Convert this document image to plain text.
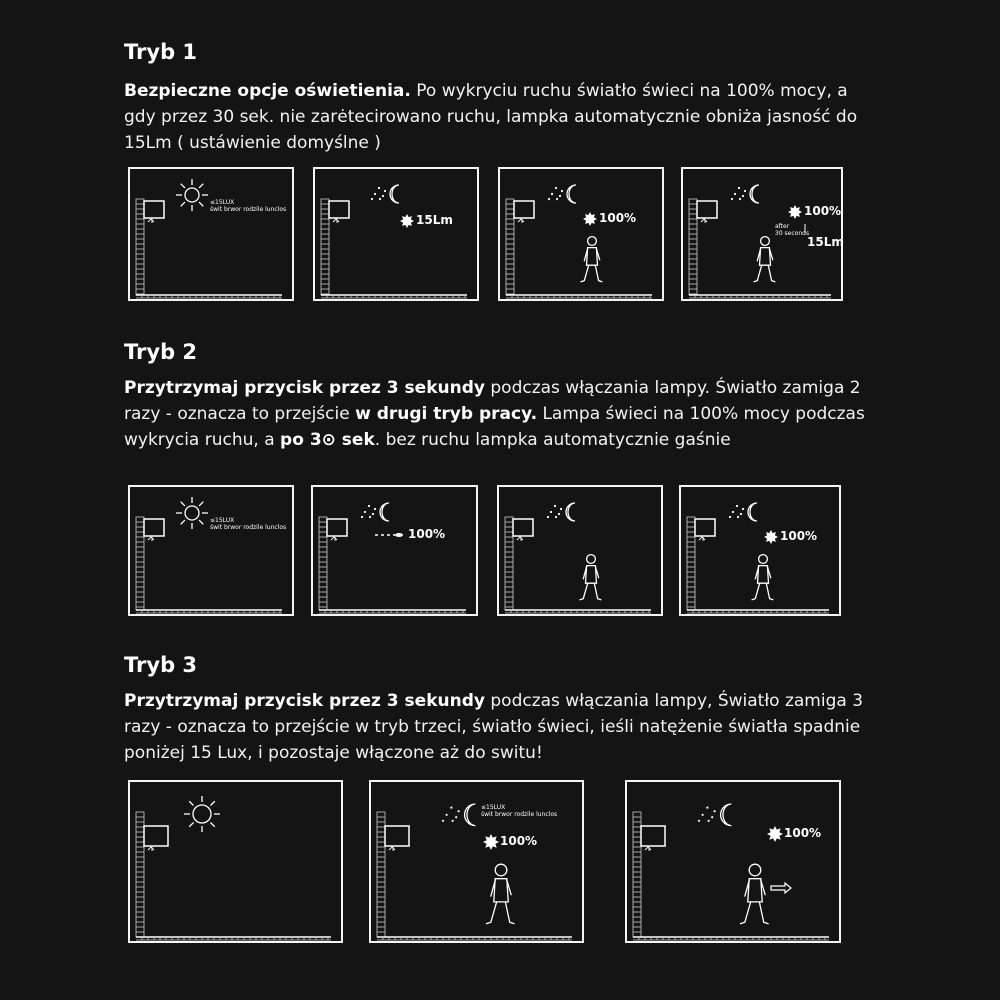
Tryb 1

Bezpieczne opcje oświetienia. Po wykryciu ruchu światło świeci na 100% mocy, a gdy przez 30 sek. nie zarėtecirowano ruchu, lampka automatycznie obniża jasność do 15Lm ( ustáwienie domyślne )

Tryb 2

Przytrzymaj przycisk przez 3 sekundy podczas włączania lampy. Światło zamiga 2 razy - oznacza to przejście w drugi tryb pracy. Lampa świeci na 100% mocy podczas wykrycia ruchu, a po 3⊙ sek. bez ruchu lampka automatycznie gaśnie

Tryb 3

Przytrzymaj przycisk przez 3 sekundy podczas włączania lampy, Światło zamiga 3 razy - oznacza to przejście w tryb trzeci, światło świeci, ieśli natężenie światła spadnie poniżej 15 Lux, i pozostaje włączone aż do switu!

≤15LUX
świt brwor rodzile lunclos
15Lm	100%
after
30 seconds
100%
15Lm
≤15LUX
świt brwor rodzile lunclos	100%	100%
≤15LUX
świt brwor rodzile lunclos
100%
100%
